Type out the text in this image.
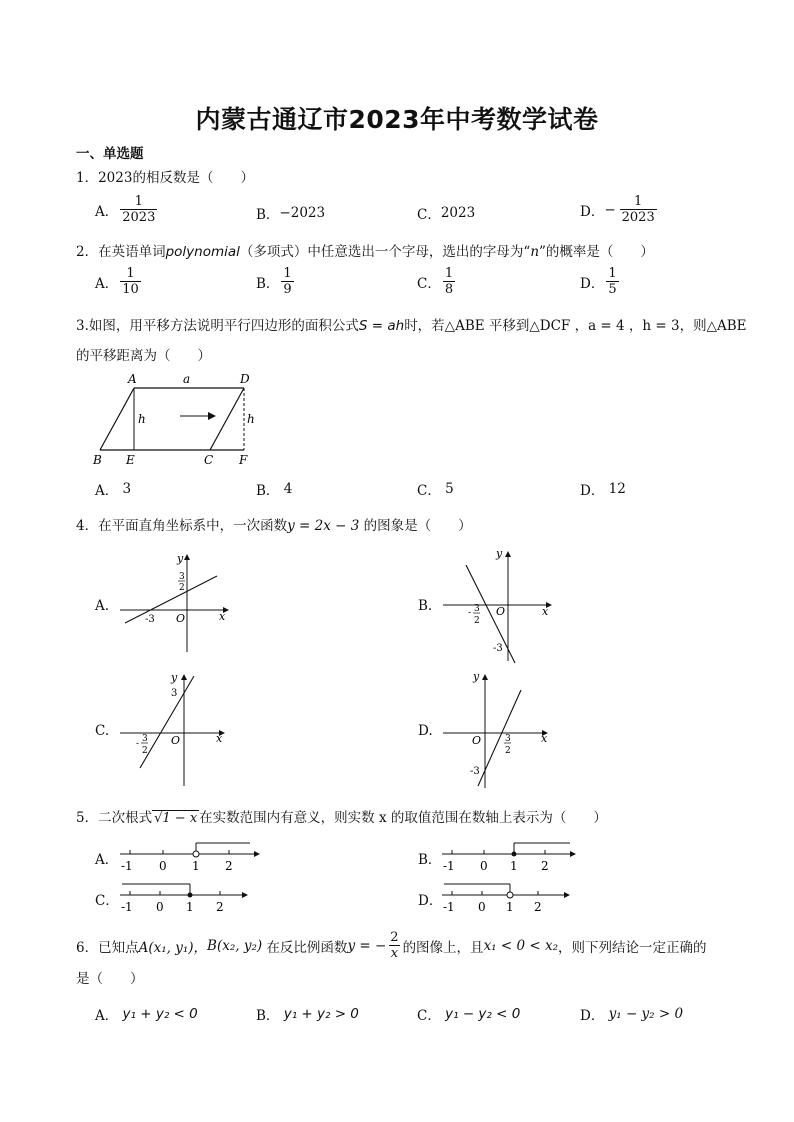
内蒙古通辽市2023年中考数学试卷
一、单选题
1．2023的相反数是（　　）
A． $\frac{1}{2023}$	B． −2023	C． 2023	D． − $\frac{1}{2023}$
2．在英语单词polynomial（多项式）中任意选出一个字母，选出的字母为“n”的概率是（　　）
A． $\frac{1}{10}$	B． $\frac{1}{9}$	C． $\frac{1}{8}$	D． $\frac{1}{5}$
3.如图，用平移方法说明平行四边形的面积公式S = ah时，若△ABE 平移到△DCF ，a = 4 ，h = 3，则△ABE
的平移距离为（　　）
A	a	D
h	h
B E	C F
A．
3	B．
4	C．
5	D．
12
4．在平面直角坐标系中，一次函数y = 2x − 3 的图象是（　　）
A.
x
y
O
-3
3
2
B.	x
y
O
- 3
2
-3
C.	x
y
O
3
- 3
2
D.	x
y
O
-3
3
2
5．二次根式 √1 − x 在实数范围内有意义，则实数 x 的取值范围在数轴上表示为（　　）
A． -1 0 1 2	B． -1 0 1 2
C． -1 0 1 2	D． -1 0 1 2
6．已知点 A(x₁, y₁)， B(x₂, y₂)
在反比例函数 y = − $\frac{2}{x}$ 的图像上，且 x₁ < 0 < x₂ ，则下列结论一定正确的
是（　　）
A．
y₁ + y₂ < 0	B．
y₁ + y₂ > 0	C．
y₁ − y₂ < 0	D．
y₁ − y₂ > 0
